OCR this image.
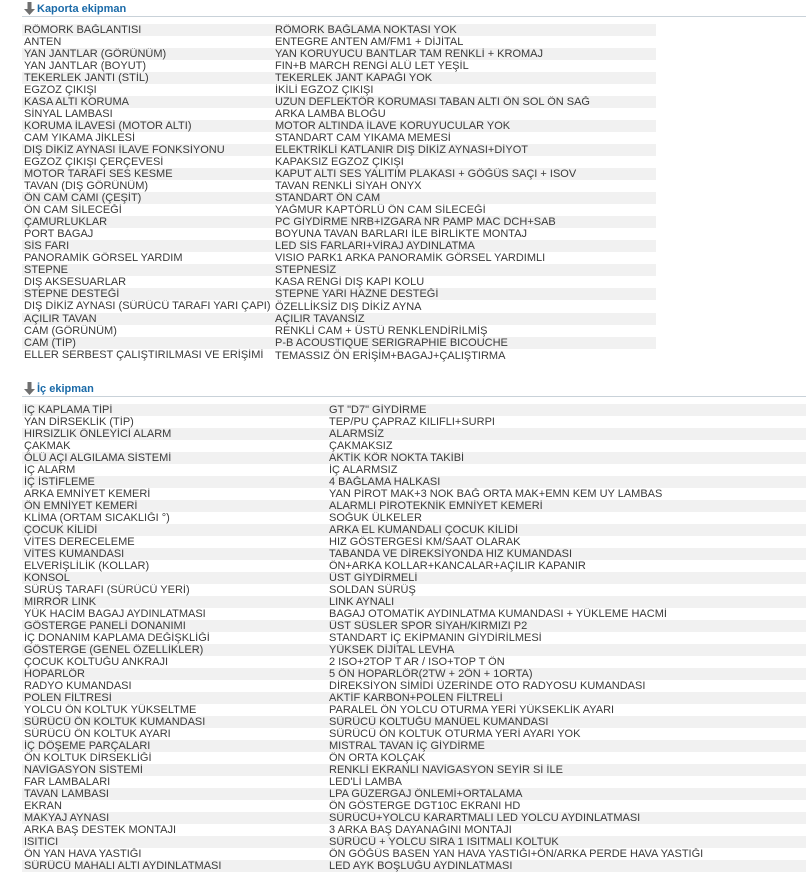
Kaporta ekipman
RÖMORK BAĞLANTISI	RÖMORK BAĞLAMA NOKTASI YOK
ANTEN	ENTEGRE ANTEN AM/FM1 + DİJİTAL
YAN JANTLAR (GÖRÜNÜM)	YAN KORUYUCU BANTLAR TAM RENKLİ + KROMAJ
YAN JANTLAR (BOYUT)	FIN+B MARCH RENGİ ALÜ LET YEŞİL
TEKERLEK JANTI (STİL)	TEKERLEK JANT KAPAĞI YOK
EGZOZ ÇIKIŞI	İKİLİ EGZOZ ÇIKIŞI
KASA ALTI KORUMA	UZUN DEFLEKTÖR KORUMASI TABAN ALTI ÖN SOL ÖN SAĞ
SİNYAL LAMBASI	ARKA LAMBA BLOĞU
KORUMA İLAVESİ (MOTOR ALTI)	MOTOR ALTINDA İLAVE KORUYUCULAR YOK
CAM YIKAMA JİKLESİ	STANDART CAM YIKAMA MEMESİ
DIŞ DİKİZ AYNASI İLAVE FONKSİYONU	ELEKTRİKLİ KATLANIR DIŞ DİKİZ AYNASI+DİYOT
EGZOZ ÇIKIŞI ÇERÇEVESİ	KAPAKSIZ EGZOZ ÇIKIŞI
MOTOR TARAFI SES KESME	KAPUT ALTI SES YALITIM PLAKASI + GÖĞÜS SAÇI + ISOV
TAVAN (DIŞ GÖRÜNÜM)	TAVAN RENKLİ SİYAH ONYX
ÖN CAM CAMI (ÇEŞİT)	STANDART ÖN CAM
ÖN CAM SİLECEĞİ	YAĞMUR KAPTÖRLÜ ÖN CAM SİLECEĞİ
ÇAMURLUKLAR	PC GİYDİRME NRB+IZGARA NR PAMP MAC DCH+SAB
PORT BAGAJ	BOYUNA TAVAN BARLARI İLE BİRLİKTE MONTAJ
SİS FARI	LED SİS FARLARI+VİRAJ AYDINLATMA
PANORAMİK GÖRSEL YARDIM	VISIO PARK1 ARKA PANORAMİK GÖRSEL YARDIMLI
STEPNE	STEPNESİZ
DIŞ AKSESUARLAR	KASA RENGİ DIŞ KAPI KOLU
STEPNE DESTEĞİ	STEPNE YARI HAZNE DESTEĞİ
DIŞ DİKİZ AYNASI (SÜRÜCÜ TARAFI YARI ÇAPI)	ÖZELLİKSİZ DIŞ DİKİZ AYNA
AÇILIR TAVAN	AÇILIR TAVANSIZ
CAM (GÖRÜNÜM)	RENKLİ CAM + ÜSTÜ RENKLENDİRİLMİŞ
CAM (TİP)	P-B ACOUSTIQUE SERIGRAPHIE BICOUCHE
ELLER SERBEST ÇALIŞTIRILMASI VE ERİŞİMİ	TEMASSIZ ÖN ERİŞİM+BAGAJ+ÇALIŞTIRMA
İç ekipman
İÇ KAPLAMA TİPİ	GT "D7" GİYDİRME
YAN DİRSEKLİK (TİP)	TEP/PU ÇAPRAZ KILIFLI+SURPI
HIRSIZLIK ÖNLEYİCİ ALARM	ALARMSIZ
ÇAKMAK	ÇAKMAKSIZ
ÖLÜ AÇI ALGILAMA SİSTEMİ	AKTİK KÖR NOKTA TAKİBİ
İÇ ALARM	İÇ ALARMSIZ
İÇ İSTİFLEME	4 BAĞLAMA HALKASI
ARKA EMNİYET KEMERİ	YAN PİROT MAK+3 NOK BAĞ ORTA MAK+EMN KEM UY LAMBAS
ÖN EMNİYET KEMERİ	ALARMLI PİROTEKNİK EMNİYET KEMERİ
KLİMA (ORTAM SICAKLIĞI °)	SOĞUK ÜLKELER
ÇOCUK KİLİDİ	ARKA EL KUMANDALI ÇOCUK KİLİDİ
VİTES DERECELEME	HIZ GÖSTERGESİ KM/SAAT OLARAK
VİTES KUMANDASI	TABANDA VE DİREKSİYONDA HIZ KUMANDASI
ELVERİŞLİLİK (KOLLAR)	ÖN+ARKA KOLLAR+KANCALAR+AÇILIR KAPANIR
KONSOL	ÜST GİYDİRMELİ
SÜRÜŞ TARAFI (SÜRÜCÜ YERİ)	SOLDAN SÜRÜŞ
MIRROR LINK	LINK AYNALI
YÜK HACİM BAGAJ AYDINLATMASI	BAGAJ OTOMATİK AYDINLATMA KUMANDASI + YÜKLEME HACMİ
GÖSTERGE PANELİ DONANIMI	ÜST SÜSLER SPOR SİYAH/KIRMIZI P2
İÇ DONANIM KAPLAMA DEĞİŞKLİĞİ	STANDART İÇ EKİPMANIN GİYDİRİLMESİ
GÖSTERGE (GENEL ÖZELLİKLER)	YÜKSEK DİJİTAL LEVHA
ÇOCUK KOLTUĞU ANKRAJI	2 ISO+2TOP T AR / ISO+TOP T ÖN
HOPARLÖR	5 ÖN HOPARLÖR(2TW + 2ÖN + 1ORTA)
RADYO KUMANDASI	DİREKSİYON SİMİDİ ÜZERİNDE OTO RADYOSU KUMANDASI
POLEN FİLTRESİ	AKTİF KARBON+POLEN FİLTRELİ
YOLCU ÖN KOLTUK YÜKSELTME	PARALEL ÖN YOLCU OTURMA YERİ YÜKSEKLİK AYARI
SÜRÜCÜ ÖN KOLTUK KUMANDASI	SÜRÜCÜ KOLTUĞU MANÜEL KUMANDASI
SÜRÜCÜ ÖN KOLTUK AYARI	SÜRÜCÜ ÖN KOLTUK OTURMA YERİ AYARI YOK
İÇ DÖŞEME PARÇALARI	MISTRAL TAVAN İÇ GİYDİRME
ÖN KOLTUK DİRSEKLİĞİ	ÖN ORTA KOLÇAK
NAVİGASYON SİSTEMİ	RENKLİ EKRANLI NAVİGASYON SEYİR Sİ İLE
FAR LAMBALARI	LED'Lİ LAMBA
TAVAN LAMBASI	LPA GÜZERGAJ ÖNLEMİ+ORTALAMA
EKRAN	ÖN GÖSTERGE DGT10C EKRANI HD
MAKYAJ AYNASI	SÜRÜCÜ+YOLCU KARARTMALI LED YOLCU AYDINLATMASI
ARKA BAŞ DESTEK MONTAJI	3 ARKA BAŞ DAYANAĞINI MONTAJI
ISITICI	SÜRÜCÜ + YOLCU SIRA 1 ISITMALI KOLTUK
ÖN YAN HAVA YASTIĞI	ÖN GÖĞÜS BASEN YAN HAVA YASTIĞI+ÖN/ARKA PERDE HAVA YASTIĞI
SÜRÜCÜ MAHALI ALTI AYDINLATMASI	LED AYK BOŞLUĞU AYDINLATMASI
